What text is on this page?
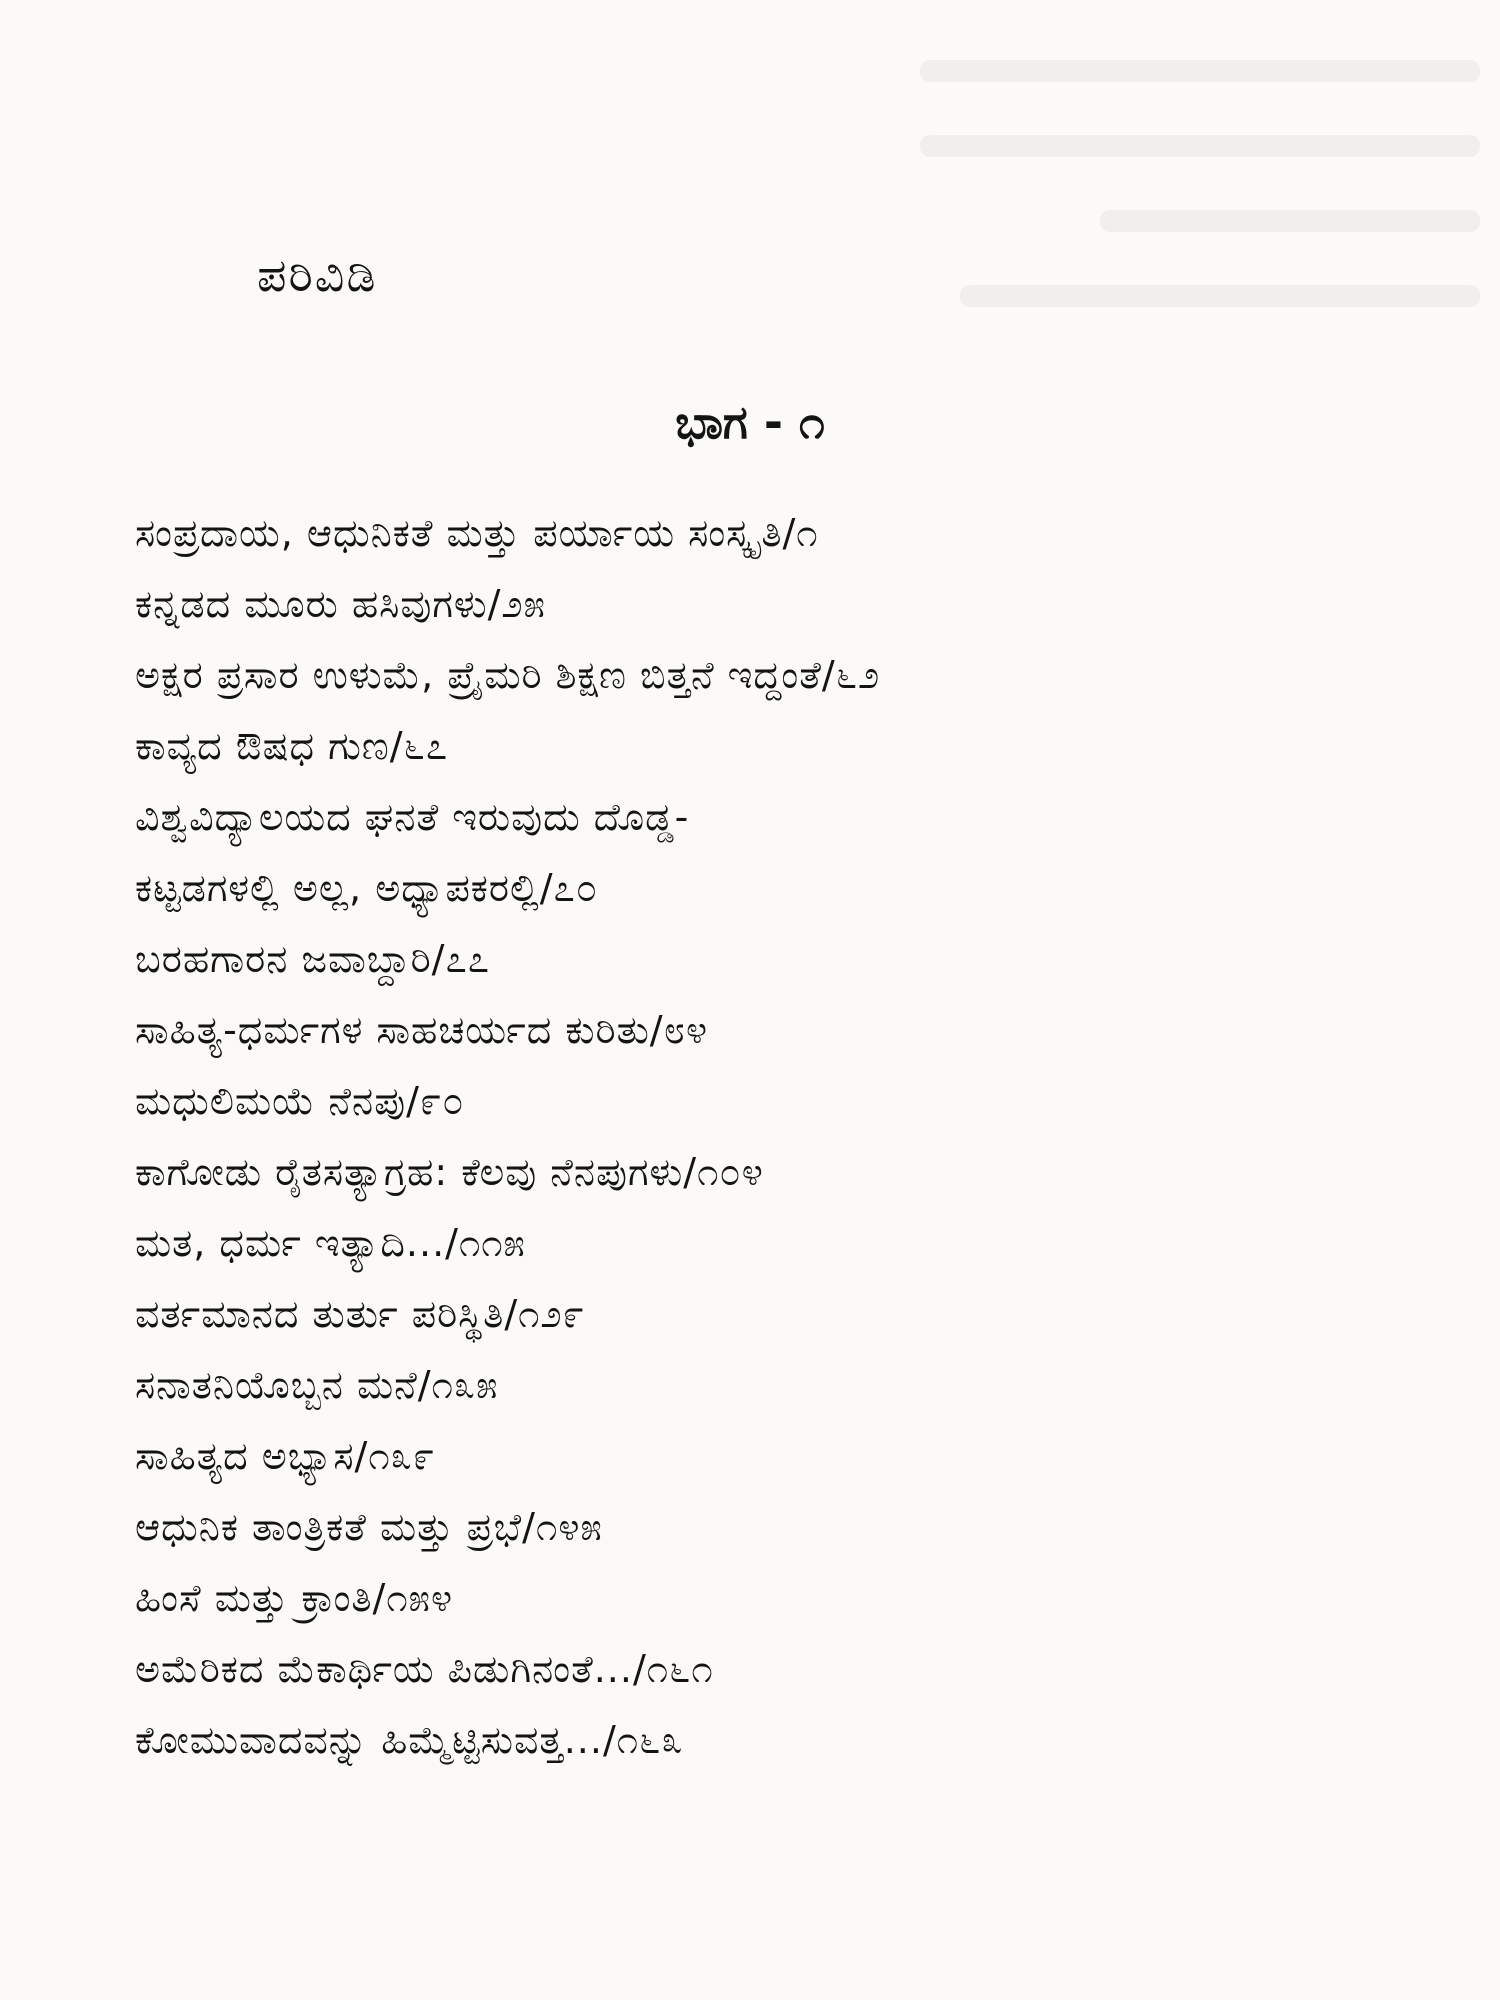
ಪರಿವಿಡಿ
ಭಾಗ - ೧
ಸಂಪ್ರದಾಯ, ಆಧುನಿಕತೆ ಮತ್ತು ಪರ್ಯಾಯ ಸಂಸ್ಕೃತಿ/೧
ಕನ್ನಡದ ಮೂರು ಹಸಿವುಗಳು/೨೫
ಅಕ್ಷರ ಪ್ರಸಾರ ಉಳುಮೆ, ಪ್ರೈಮರಿ ಶಿಕ್ಷಣ ಬಿತ್ತನೆ ಇದ್ದಂತೆ/೬೨
ಕಾವ್ಯದ ಔಷಧ ಗುಣ/೬೭
ವಿಶ್ವವಿದ್ಯಾಲಯದ ಘನತೆ ಇರುವುದು ದೊಡ್ಡ-
ಕಟ್ಟಡಗಳಲ್ಲಿ ಅಲ್ಲ, ಅಧ್ಯಾಪಕರಲ್ಲಿ/೭೦
ಬರಹಗಾರನ ಜವಾಬ್ದಾರಿ/೭೭
ಸಾಹಿತ್ಯ-ಧರ್ಮಗಳ ಸಾಹಚರ್ಯದ ಕುರಿತು/೮೪
ಮಧುಲಿಮಯೆ ನೆನಪು/೯೦
ಕಾಗೋಡು ರೈತಸತ್ಯಾಗ್ರಹ: ಕೆಲವು ನೆನಪುಗಳು/೧೦೪
ಮತ, ಧರ್ಮ ಇತ್ಯಾದಿ.../೧೧೫
ವರ್ತಮಾನದ ತುರ್ತು ಪರಿಸ್ಥಿತಿ/೧೨೯
ಸನಾತನಿಯೊಬ್ಬನ ಮನೆ/೧೩೫
ಸಾಹಿತ್ಯದ ಅಭ್ಯಾಸ/೧೩೯
ಆಧುನಿಕ ತಾಂತ್ರಿಕತೆ ಮತ್ತು ಪ್ರಭೆ/೧೪೫
ಹಿಂಸೆ ಮತ್ತು ಕ್ರಾಂತಿ/೧೫೪
ಅಮೆರಿಕದ ಮೆಕಾರ್ಥಿಯ ಪಿಡುಗಿನಂತೆ.../೧೬೧
ಕೋಮುವಾದವನ್ನು ಹಿಮ್ಮೆಟ್ಟಿಸುವತ್ತ.../೧೬೩
